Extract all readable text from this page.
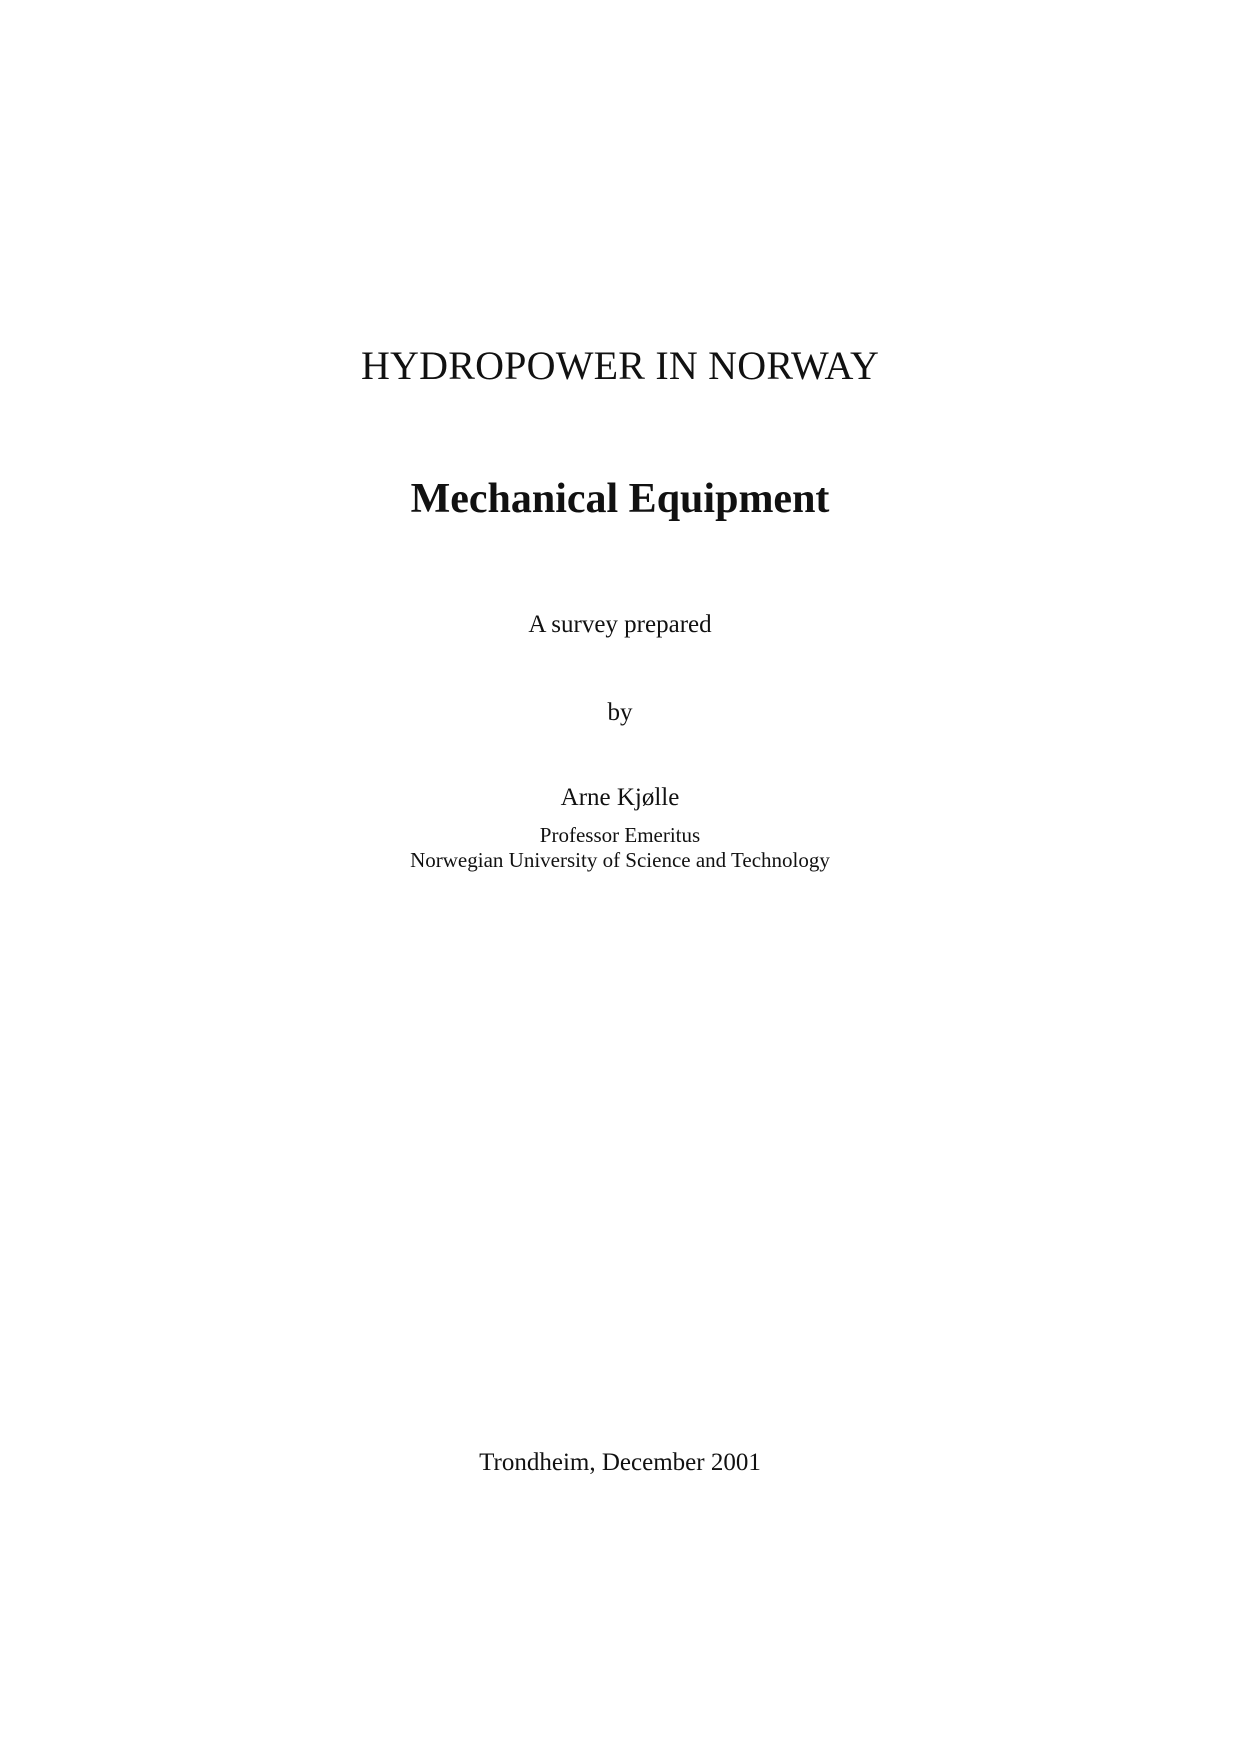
HYDROPOWER IN NORWAY
Mechanical Equipment
A survey prepared
by
Arne Kjølle
Professor Emeritus
Norwegian University of Science and Technology
Trondheim, December 2001
